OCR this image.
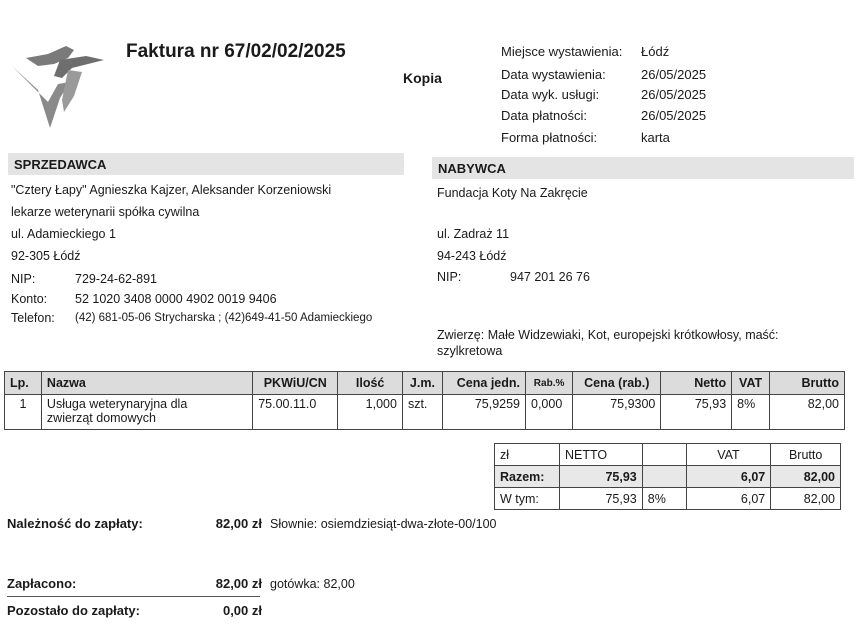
Faktura nr 67/02/02/2025
Kopia
Miejsce wystawienia: Łódź
Data wystawienia:	26/05/2025
Data wyk. usługi:	26/05/2025
Data płatności:	26/05/2025
Forma płatności:	karta
SPRZEDAWCA
"Cztery Łapy" Agnieszka Kajzer, Aleksander Korzeniowski
lekarze weterynarii spółka cywilna
ul. Adamieckiego 1
92-305 Łódź
NIP:	729-24-62-891
Konto: 52 1020 3408 0000 4902 0019 9406
Telefon: (42) 681-05-06 Strycharska ; (42)649-41-50 Adamieckiego
NABYWCA
Fundacja Koty Na Zakręcie
ul. Zadraż 11
94-243 Łódź
NIP:	947 201 26 76
Zwierzę: Małe Widzewiaki, Kot, europejski krótkowłosy, maść:
szylkretowa
Lp.	Nazwa	PKWiU/CN	Ilość	J.m.	Cena jedn.	Rab.%	Cena (rab.)	Netto	VAT	Brutto
1	Usługa weterynaryjna dla
zwierząt domowych	75.00.11.0	1,000	szt.	75,9259	0,000	75,9300	75,93	8%	82,00
zł	NETTO		VAT	Brutto
Razem:	75,93		6,07	82,00
W tym:	75,93	8%	6,07	82,00
Należność do zapłaty:	82,00 zł Słownie: osiemdziesiąt-dwa-złote-00/100
Zapłacono:	82,00 zł gotówka: 82,00
Pozostało do zapłaty:	0,00 zł
